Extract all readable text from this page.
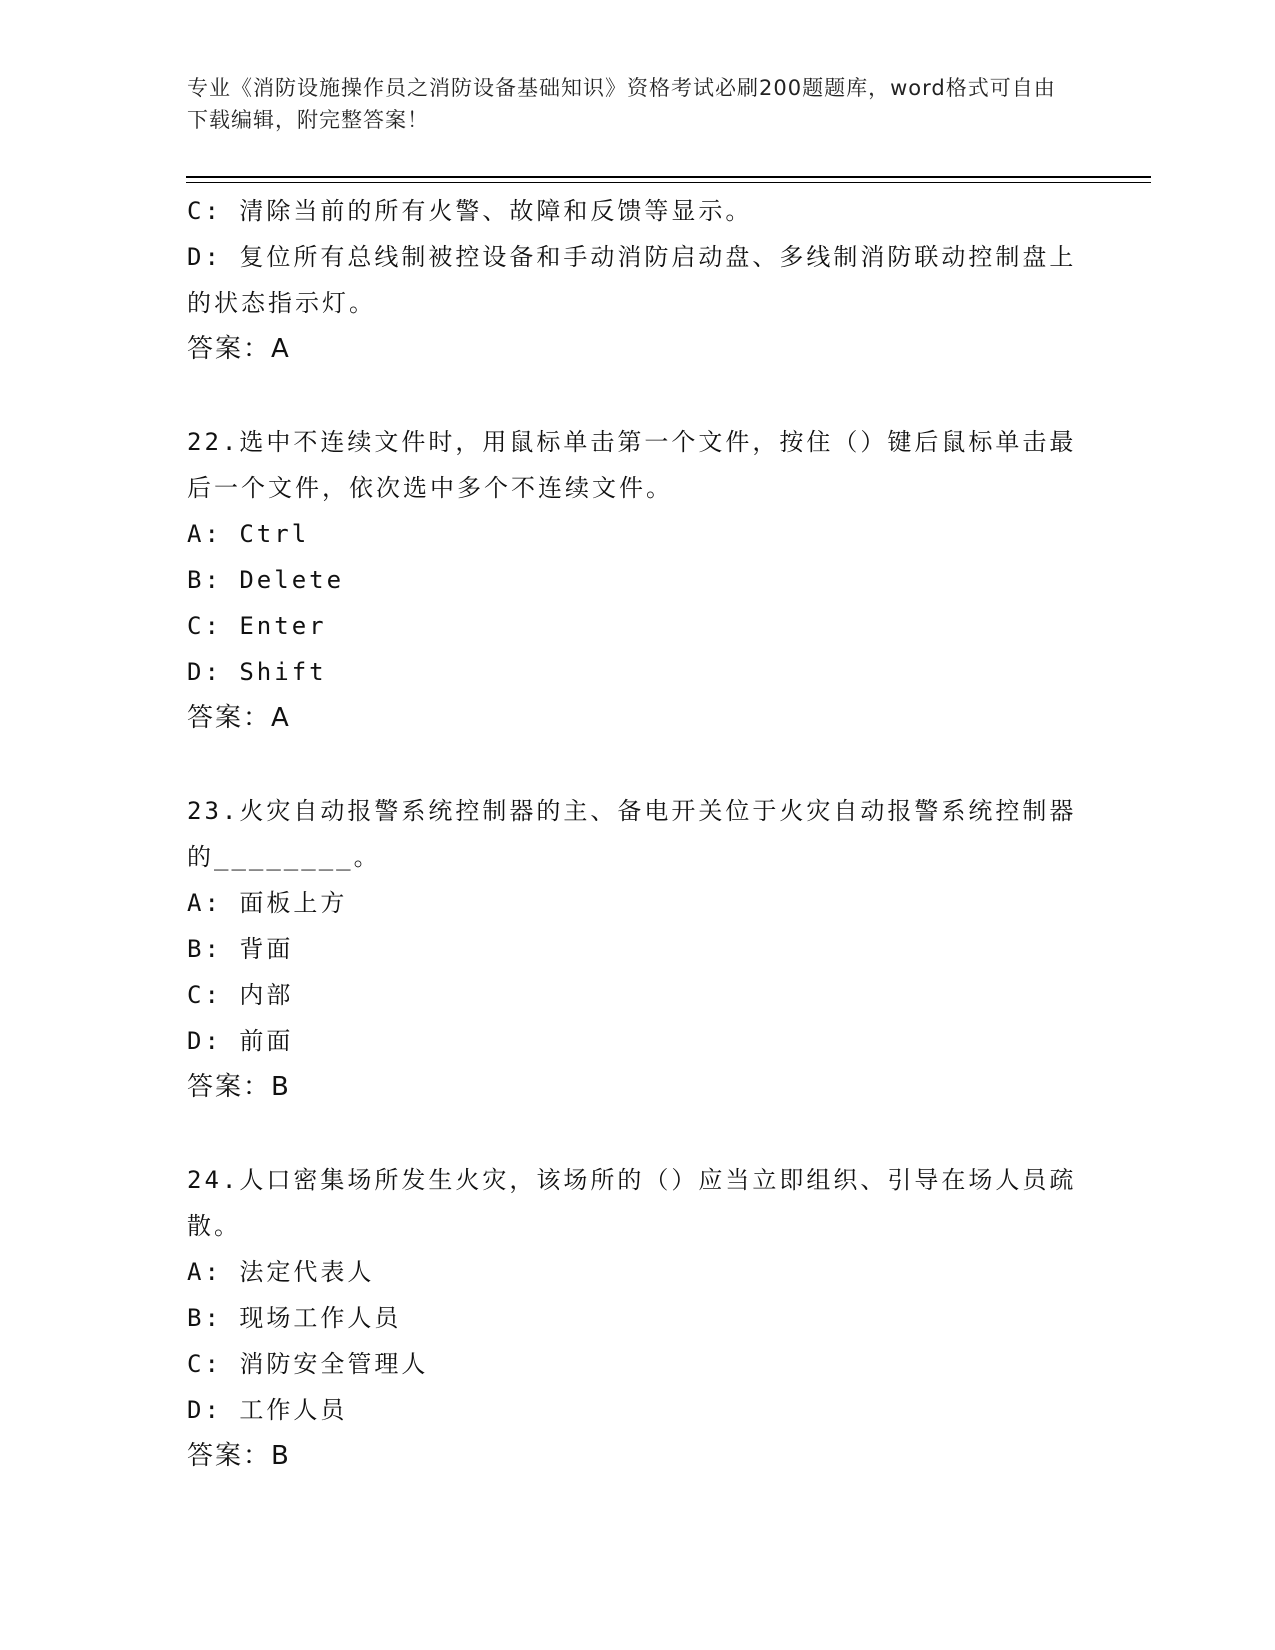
专业《消防设施操作员之消防设备基础知识》资格考试必刷200题题库，word格式可自由下载编辑，附完整答案！
C: 清除当前的所有火警、故障和反馈等显示。
D: 复位所有总线制被控设备和手动消防启动盘、多线制消防联动控制盘上的状态指示灯。
答案：A
22.选中不连续文件时，用鼠标单击第一个文件，按住（）键后鼠标单击最后一个文件，依次选中多个不连续文件。
A: Ctrl
B: Delete
C: Enter
D: Shift
答案：A
23.火灾自动报警系统控制器的主、备电开关位于火灾自动报警系统控制器的________。
A: 面板上方
B: 背面
C: 内部
D: 前面
答案：B
24.人口密集场所发生火灾，该场所的（）应当立即组织、引导在场人员疏散。
A: 法定代表人
B: 现场工作人员
C: 消防安全管理人
D: 工作人员
答案：B
